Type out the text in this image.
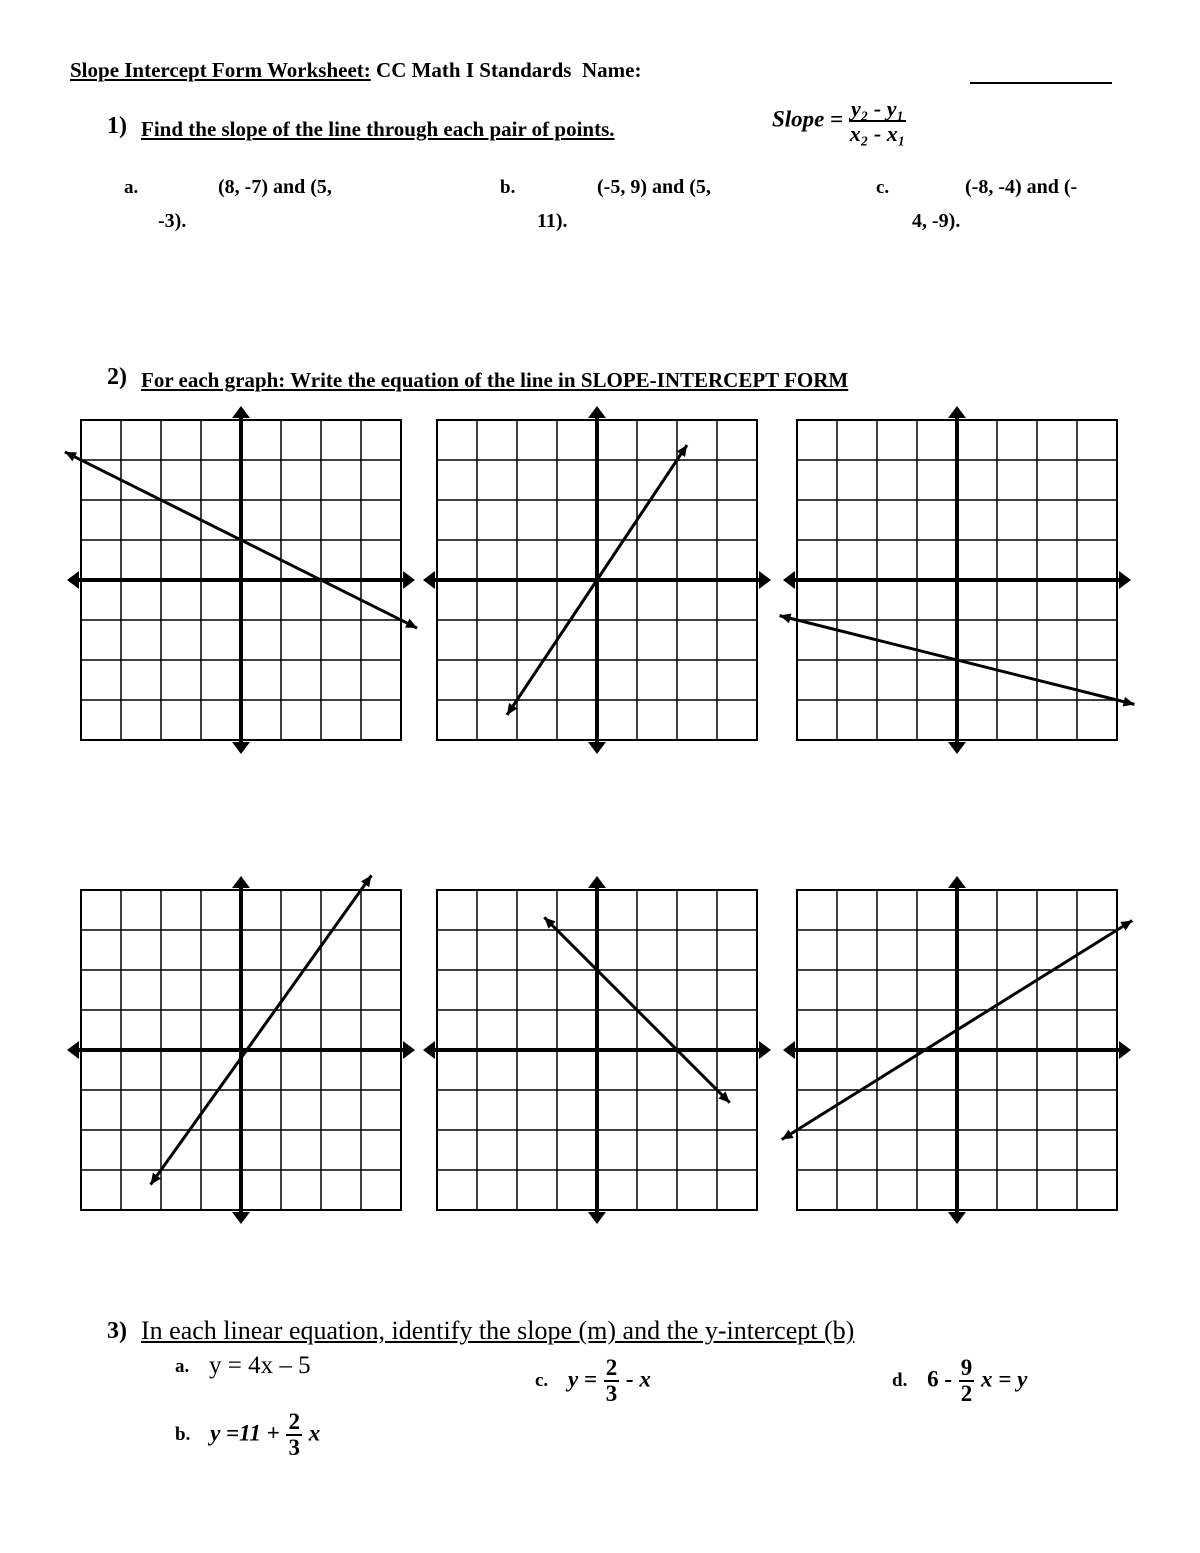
Slope Intercept Form Worksheet: CC Math I Standards Name:
1) Find the slope of the line through each pair of points.	Slope = $\frac{\text{y₂ - y₁}}{\text{x₂ - x₁}}$
a.	(8, -7) and (5,
-3).
b.	(-5, 9) and (5,
11).
c.	(-8, -4) and (-
4, -9).
2) For each graph: Write the equation of the line in SLOPE-INTERCEPT FORM
3) In each linear equation, identify the slope (m) and the y-intercept (b)
a. y = 4x – 5
b. $y =11 + \frac{2}{3}$ x
c. $y = \frac{2}{3} - x$	d. $6 - \frac{9}{2}$ x = y
